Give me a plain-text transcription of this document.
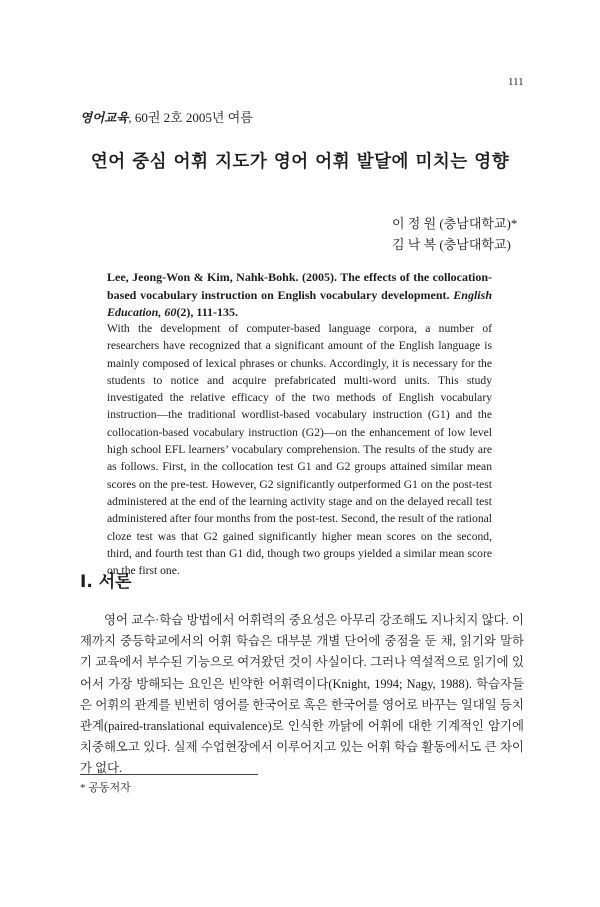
111
영어교육, 60권 2호 2005년 여름
연어 중심 어휘 지도가 영어 어휘 발달에 미치는 영향
이 정 원 (충남대학교)*
김 낙 복 (충남대학교)
Lee, Jeong-Won & Kim, Nahk-Bohk. (2005). The effects of the collocation-based vocabulary instruction on English vocabulary development. English Education, 60(2), 111-135.
With the development of computer-based language corpora, a number of researchers have recognized that a significant amount of the English language is mainly composed of lexical phrases or chunks. Accordingly, it is necessary for the students to notice and acquire prefabricated multi-word units. This study investigated the relative efficacy of the two methods of English vocabulary instruction—the traditional wordlist-based vocabulary instruction (G1) and the collocation-based vocabulary instruction (G2)—on the enhancement of low level high school EFL learners’ vocabulary comprehension. The results of the study are as follows. First, in the collocation test G1 and G2 groups attained similar mean scores on the pre-test. However, G2 significantly outperformed G1 on the post-test administered at the end of the learning activity stage and on the delayed recall test administered after four months from the post-test. Second, the result of the rational cloze test was that G2 gained significantly higher mean scores on the second, third, and fourth test than G1 did, though two groups yielded a similar mean score on the first one.
I. 서론
영어 교수·학습 방법에서 어휘력의 중요성은 아무리 강조해도 지나치지 않다. 이제까지 중등학교에서의 어휘 학습은 대부분 개별 단어에 중점을 둔 채, 읽기와 말하기 교육에서 부수된 기능으로 여겨왔던 것이 사실이다. 그러나 역설적으로 읽기에 있어서 가장 방해되는 요인은 빈약한 어휘력이다(Knight, 1994; Nagy, 1988). 학습자들은 어휘의 관계를 빈번히 영어를 한국어로 혹은 한국어를 영어로 바꾸는 일대일 등치관계(paired-translational equivalence)로 인식한 까닭에 어휘에 대한 기계적인 암기에 치중해오고 있다. 실제 수업현장에서 이루어지고 있는 어휘 학습 활동에서도 큰 차이가 없다.
* 공동저자
